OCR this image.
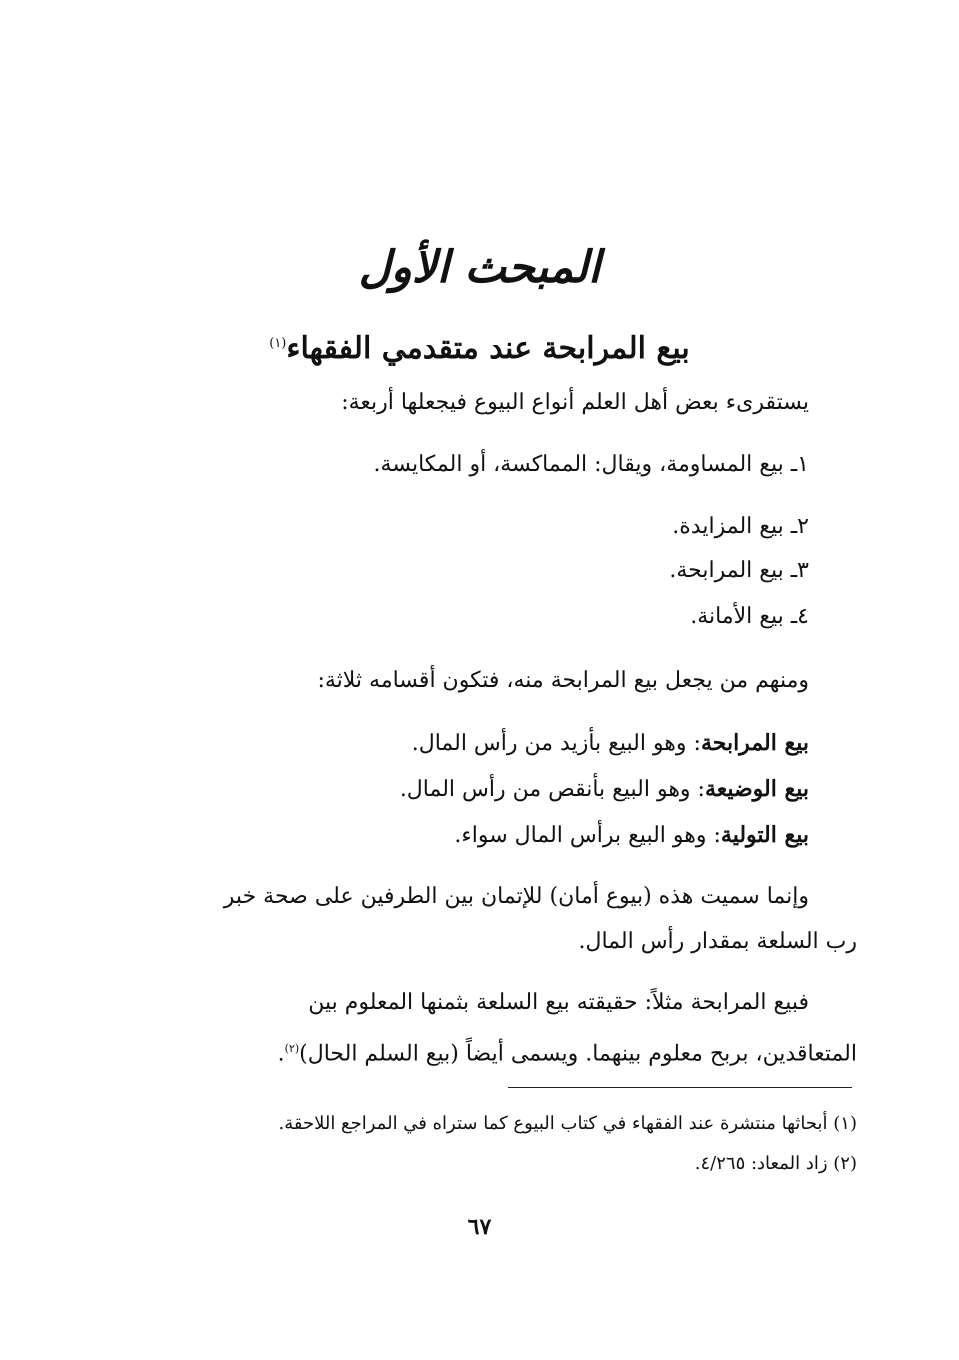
المبحث الأول
بيع المرابحة عند متقدمي الفقهاء$^{(١)}$
يستقرىء بعض أهل العلم أنواع البيوع فيجعلها أربعة:
١ـ بيع المساومة، ويقال: المماكسة، أو المكايسة.
٢ـ بيع المزايدة.
٣ـ بيع المرابحة.
٤ـ بيع الأمانة.
ومنهم من يجعل بيع المرابحة منه، فتكون أقسامه ثلاثة:
بيع المرابحة: وهو البيع بأزيد من رأس المال.
بيع الوضيعة: وهو البيع بأنقص من رأس المال.
بيع التولية: وهو البيع برأس المال سواء.
وإنما سميت هذه (بيوع أمان) للإتمان بين الطرفين على صحة خبر
رب السلعة بمقدار رأس المال.
فبيع المرابحة مثلاً: حقيقته بيع السلعة بثمنها المعلوم بين
المتعاقدين، بربح معلوم بينهما. ويسمى أيضاً (بيع السلم الحال)$^{(٢)}$.
(١) أبحاثها منتشرة عند الفقهاء في كتاب البيوع كما ستراه في المراجع اللاحقة.
(٢) زاد المعاد: ٤/٢٦٥.
٦٧
